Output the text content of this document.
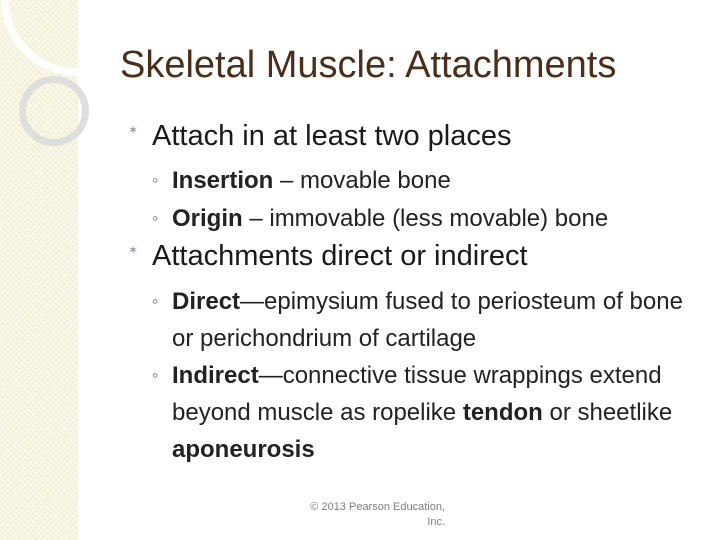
Skeletal Muscle: Attachments
✶ Attach in at least two places
◦ Insertion – movable bone
◦ Origin – immovable (less movable) bone
✶ Attachments direct or indirect
◦ Direct—epimysium fused to periosteum of bone or perichondrium of cartilage
◦ Indirect—connective tissue wrappings extend beyond muscle as ropelike tendon or sheetlike aponeurosis
© 2013 Pearson Education,
Inc.
